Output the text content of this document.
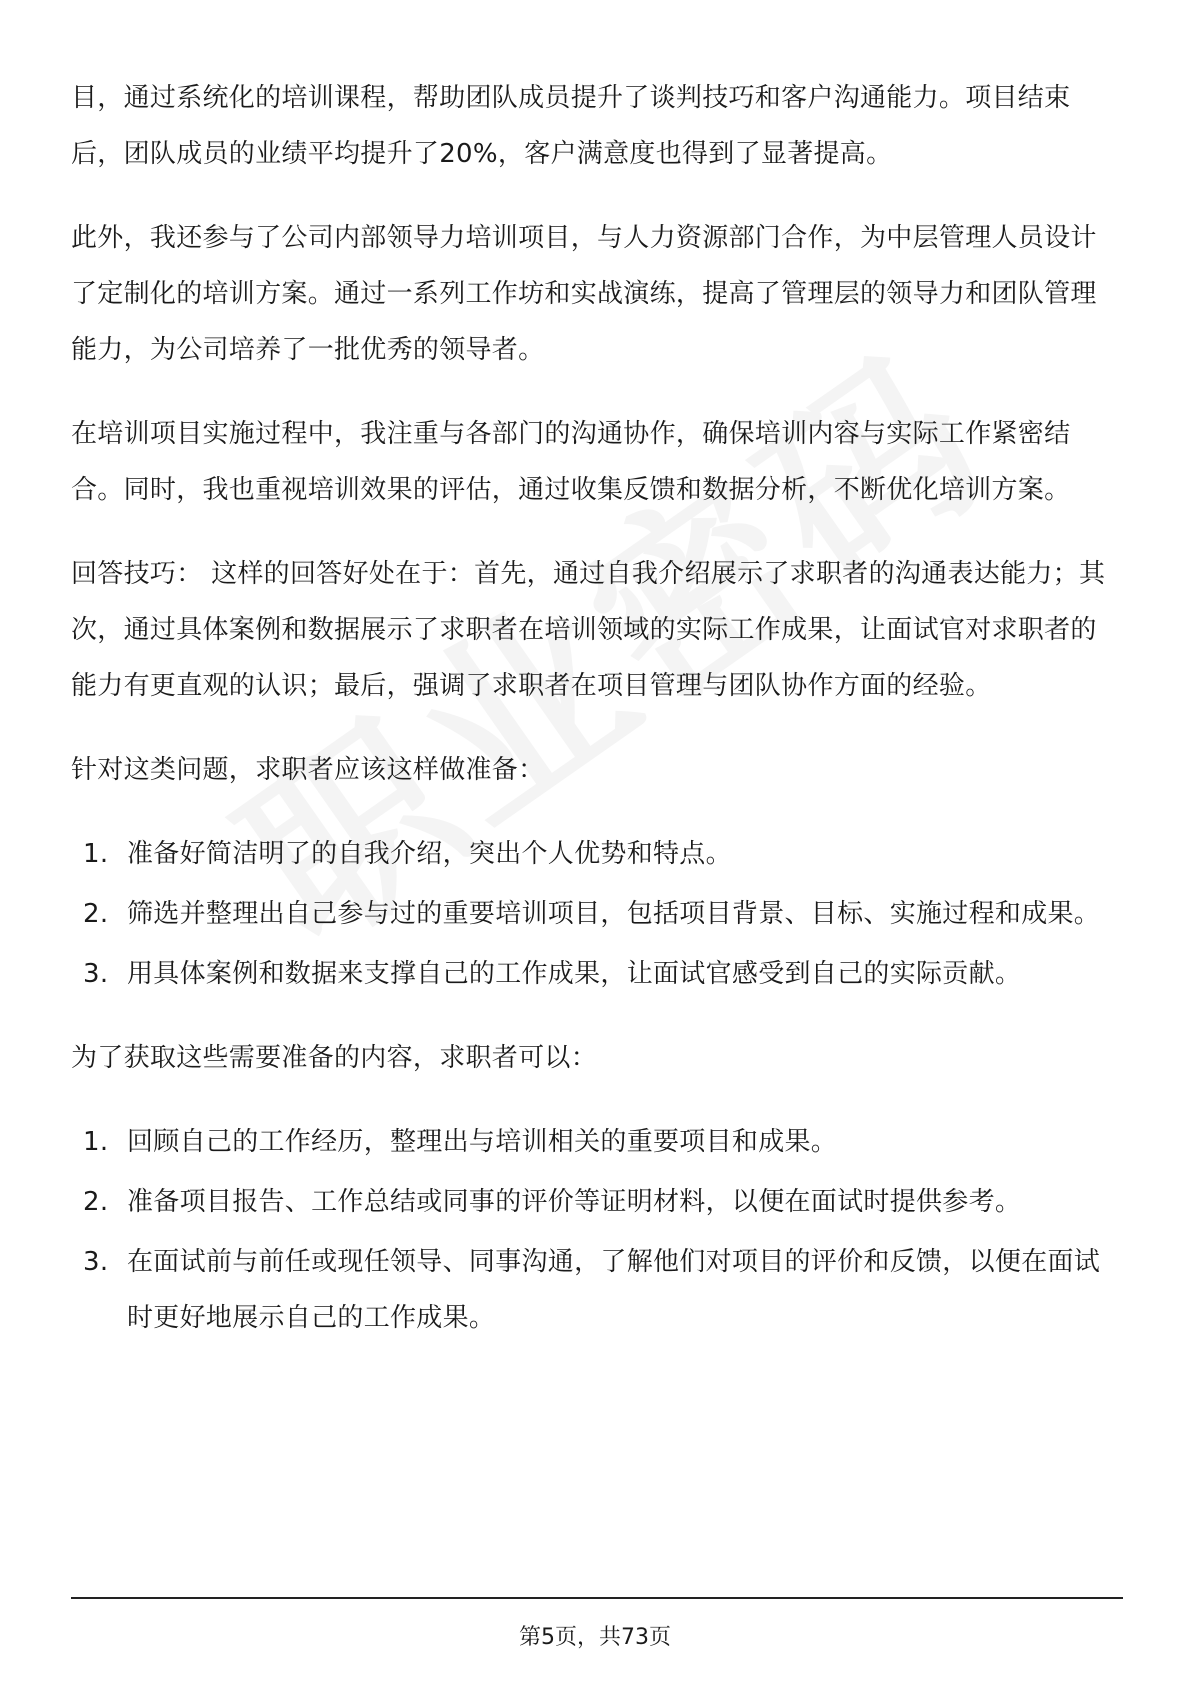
目，通过系统化的培训课程，帮助团队成员提升了谈判技巧和客户沟通能力。项目结束后，团队成员的业绩平均提升了20%，客户满意度也得到了显著提高。

此外，我还参与了公司内部领导力培训项目，与人力资源部门合作，为中层管理人员设计了定制化的培训方案。通过一系列工作坊和实战演练，提高了管理层的领导力和团队管理能力，为公司培养了一批优秀的领导者。

在培训项目实施过程中，我注重与各部门的沟通协作，确保培训内容与实际工作紧密结合。同时，我也重视培训效果的评估，通过收集反馈和数据分析，不断优化培训方案。

回答技巧： 这样的回答好处在于：首先，通过自我介绍展示了求职者的沟通表达能力；其次，通过具体案例和数据展示了求职者在培训领域的实际工作成果，让面试官对求职者的能力有更直观的认识；最后，强调了求职者在项目管理与团队协作方面的经验。

针对这类问题，求职者应该这样做准备：

1. 准备好简洁明了的自我介绍，突出个人优势和特点。
2. 筛选并整理出自己参与过的重要培训项目，包括项目背景、目标、实施过程和成果。
3. 用具体案例和数据来支撑自己的工作成果，让面试官感受到自己的实际贡献。

为了获取这些需要准备的内容，求职者可以：

1. 回顾自己的工作经历，整理出与培训相关的重要项目和成果。
2. 准备项目报告、工作总结或同事的评价等证明材料，以便在面试时提供参考。
3. 在面试前与前任或现任领导、同事沟通，了解他们对项目的评价和反馈，以便在面试时更好地展示自己的工作成果。
第5页，共73页
